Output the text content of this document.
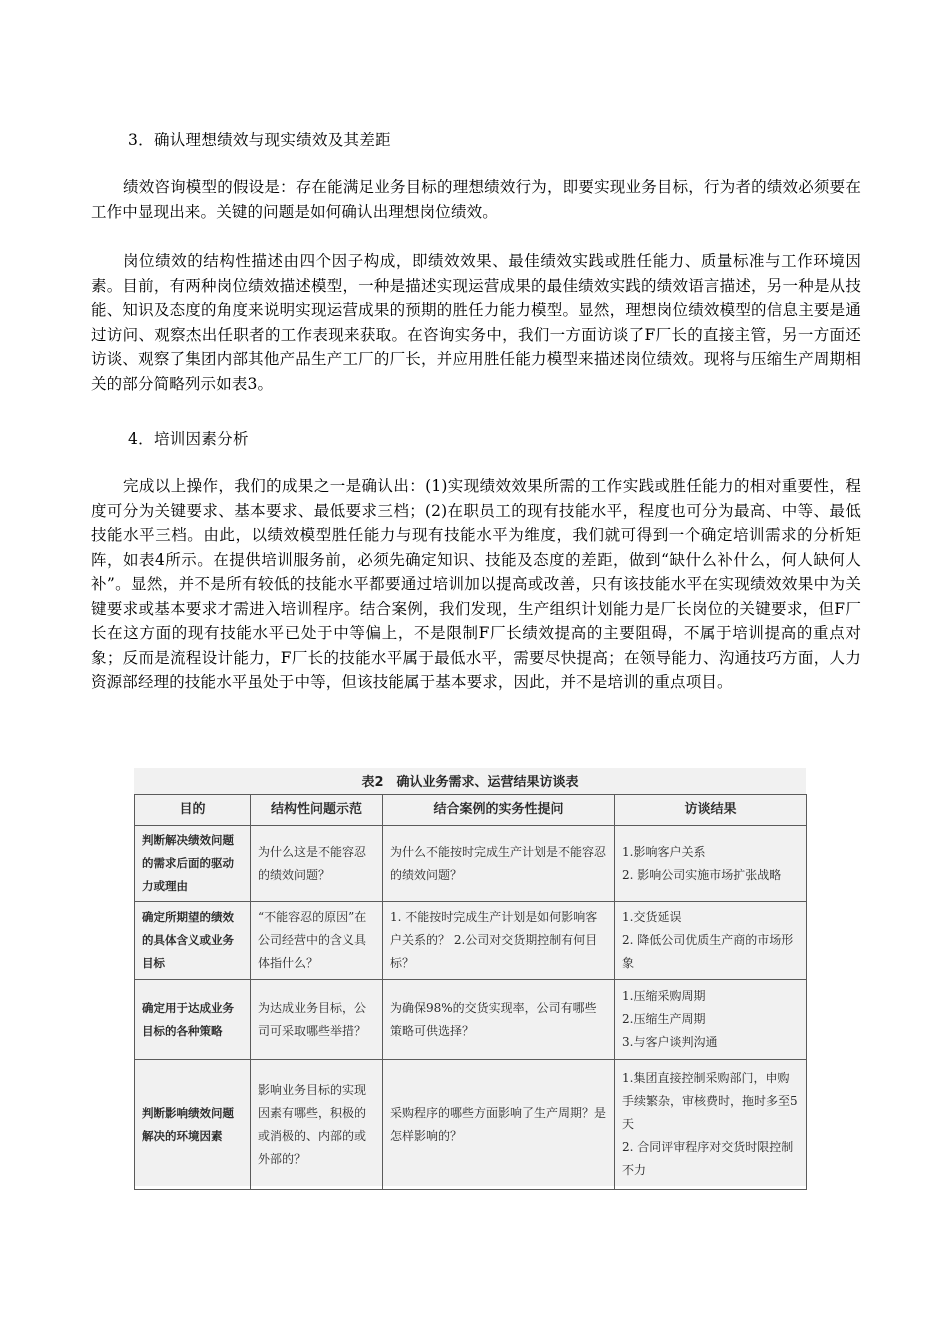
3．确认理想绩效与现实绩效及其差距

绩效咨询模型的假设是：存在能满足业务目标的理想绩效行为，即要实现业务目标，行为者的绩效必须要在工作中显现出来。关键的问题是如何确认出理想岗位绩效。

岗位绩效的结构性描述由四个因子构成，即绩效效果、最佳绩效实践或胜任能力、质量标准与工作环境因素。目前，有两种岗位绩效描述模型，一种是描述实现运营成果的最佳绩效实践的绩效语言描述，另一种是从技能、知识及态度的角度来说明实现运营成果的预期的胜任力能力模型。显然，理想岗位绩效模型的信息主要是通过访问、观察杰出任职者的工作表现来获取。在咨询实务中，我们一方面访谈了F厂长的直接主管，另一方面还访谈、观察了集团内部其他产品生产工厂的厂长，并应用胜任能力模型来描述岗位绩效。现将与压缩生产周期相关的部分简略列示如表3。

4．培训因素分析

完成以上操作，我们的成果之一是确认出：(1)实现绩效效果所需的工作实践或胜任能力的相对重要性，程度可分为关键要求、基本要求、最低要求三档；(2)在职员工的现有技能水平，程度也可分为最高、中等、最低技能水平三档。由此，以绩效模型胜任能力与现有技能水平为维度，我们就可得到一个确定培训需求的分析矩阵，如表4所示。在提供培训服务前，必须先确定知识、技能及态度的差距，做到“缺什么补什么，何人缺何人补”。显然，并不是所有较低的技能水平都要通过培训加以提高或改善，只有该技能水平在实现绩效效果中为关键要求或基本要求才需进入培训程序。结合案例，我们发现，生产组织计划能力是厂长岗位的关键要求，但F厂长在这方面的现有技能水平已处于中等偏上，不是限制F厂长绩效提高的主要阻碍，不属于培训提高的重点对象；反而是流程设计能力，F厂长的技能水平属于最低水平，需要尽快提高；在领导能力、沟通技巧方面，人力资源部经理的技能水平虽处于中等，但该技能属于基本要求，因此，并不是培训的重点项目。

表2　确认业务需求、运营结果访谈表
目的	结构性问题示范	结合案例的实务性提问	访谈结果
判断解决绩效问题的需求后面的驱动力或理由	为什么这是不能容忍的绩效问题？	为什么不能按时完成生产计划是不能容忍的绩效问题？	1.影响客户关系
2. 影响公司实施市场扩张战略

确定所期望的绩效的具体含义或业务目标	“不能容忍的原因”在公司经营中的含义具体指什么？	1. 不能按时完成生产计划是如何影响客户关系的？ 2.公司对交货期控制有何目标？	1.交货延误
2. 降低公司优质生产商的市场形象

确定用于达成业务目标的各种策略	为达成业务目标，公司可采取哪些举措？	为确保98%的交货实现率，公司有哪些策略可供选择？	1.压缩采购周期
2.压缩生产周期
3.与客户谈判沟通

判断影响绩效问题解决的环境因素	影响业务目标的实现因素有哪些，积极的或消极的、内部的或外部的？	采购程序的哪些方面影响了生产周期？是怎样影响的？	1.集团直接控制采购部门，申购手续繁杂，审核费时，拖时多至5天
2. 合同评审程序对交货时限控制不力
